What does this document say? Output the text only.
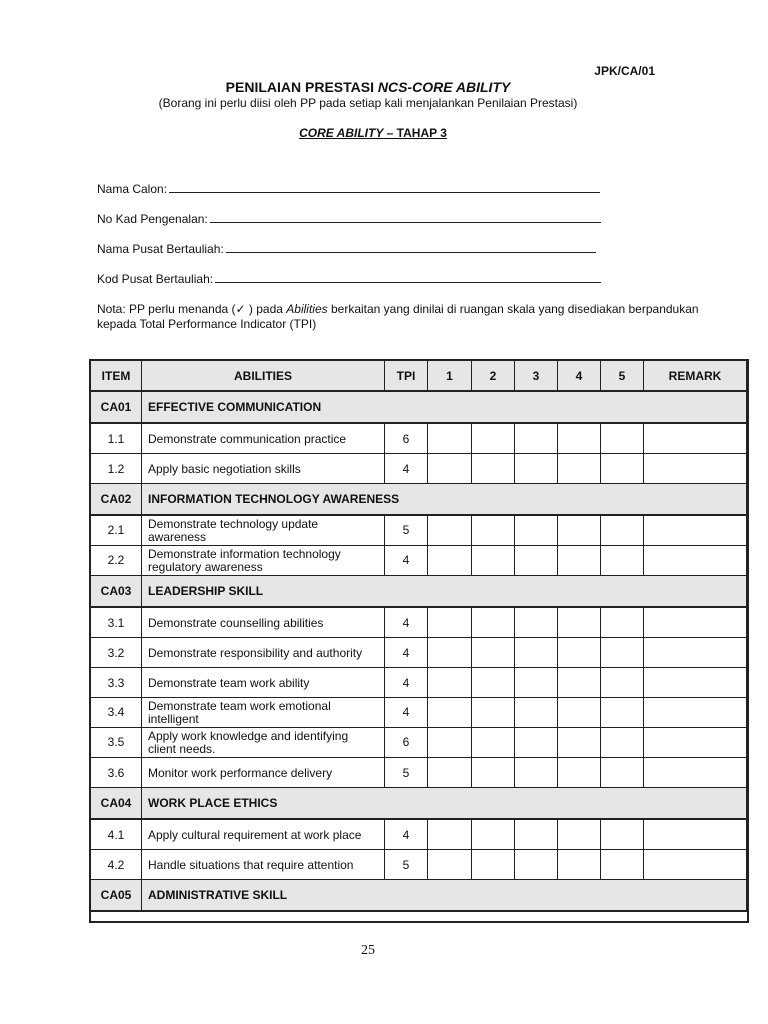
JPK/CA/01
PENILAIAN PRESTASI NCS-CORE ABILITY
(Borang ini perlu diisi oleh PP pada setiap kali menjalankan Penilaian Prestasi)
CORE ABILITY – TAHAP 3
Nama Calon:
No Kad Pengenalan:
Nama Pusat Bertauliah:
Kod Pusat Bertauliah:
Nota: PP perlu menanda (✓ ) pada Abilities berkaitan yang dinilai di ruangan skala yang disediakan berpandukan kepada Total Performance Indicator (TPI)
ITEM	ABILITIES	TPI	1	2	3	4	5	REMARK
CA01	EFFECTIVE COMMUNICATION							
1.1	Demonstrate communication practice	6						
1.2	Apply basic negotiation skills	4						
CA02	INFORMATION TECHNOLOGY AWARENESS							
2.1	Demonstrate technology update awareness	5						
2.2	Demonstrate information technology regulatory awareness	4						
CA03	LEADERSHIP SKILL							
3.1	Demonstrate counselling abilities	4						
3.2	Demonstrate responsibility and authority	4						
3.3	Demonstrate team work ability	4						
3.4	Demonstrate team work emotional intelligent	4						
3.5	Apply work knowledge and identifying client needs.	6						
3.6	Monitor work performance delivery	5						
CA04	WORK PLACE ETHICS							
4.1	Apply cultural requirement at work place	4						
4.2	Handle situations that require attention	5						
CA05	ADMINISTRATIVE SKILL							
25
